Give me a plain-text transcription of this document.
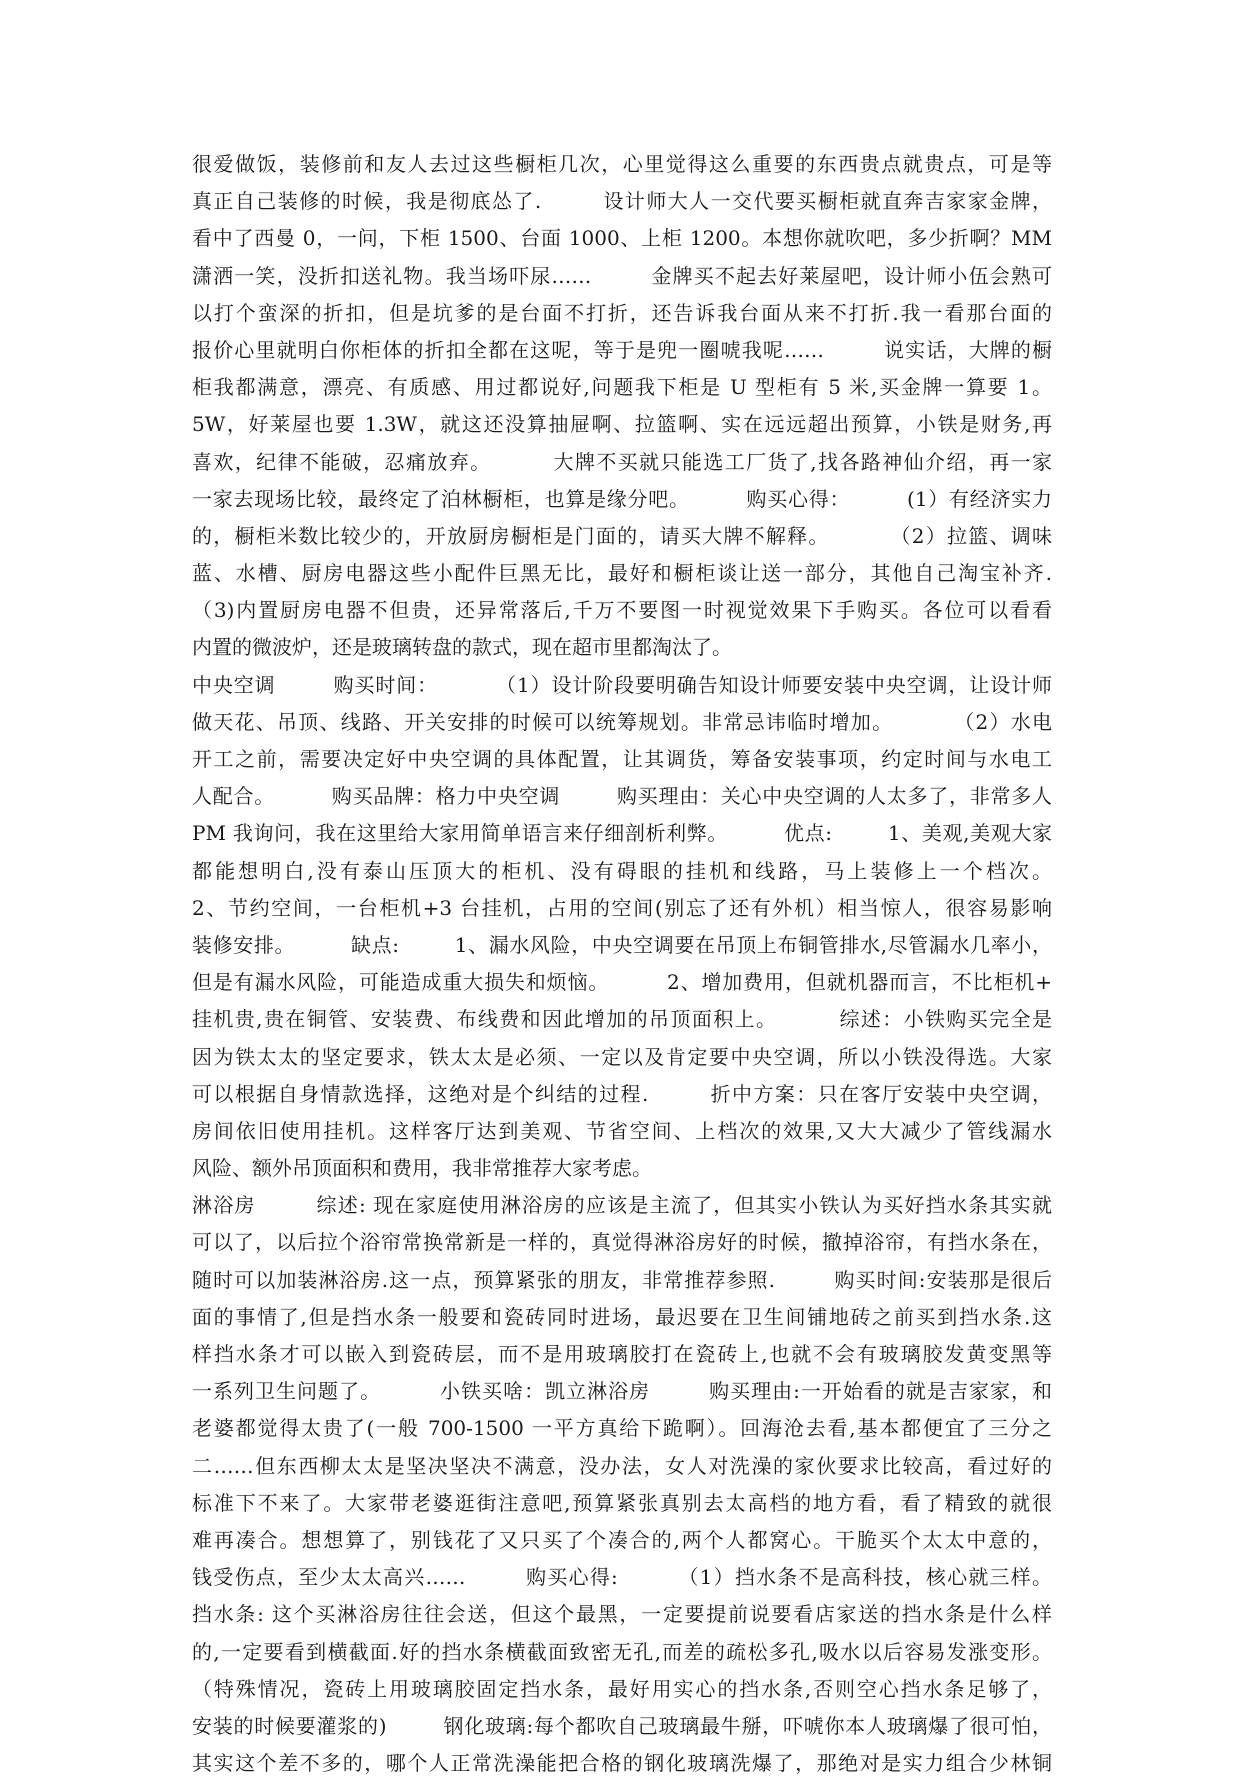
很爱做饭，装修前和友人去过这些橱柜几次，心里觉得这么重要的东西贵点就贵点，可是等
真正自己装修的时候，我是彻底怂了.        设计师大人一交代要买橱柜就直奔吉家家金牌，
看中了西曼 0，一问，下柜 1500、台面 1000、上柜 1200。本想你就吹吧，多少折啊？MM
潇洒一笑，没折扣送礼物。我当场吓尿……        金牌买不起去好莱屋吧，设计师小伍会熟可
以打个蛮深的折扣，但是坑爹的是台面不打折，还告诉我台面从来不打折.我一看那台面的
报价心里就明白你柜体的折扣全都在这呢，等于是兜一圈唬我呢……        说实话，大牌的橱
柜我都满意，漂亮、有质感、用过都说好,问题我下柜是 U 型柜有 5 米,买金牌一算要 1。
5W，好莱屋也要 1.3W，就这还没算抽屉啊、拉篮啊、实在远远超出预算，小铁是财务,再
喜欢，纪律不能破，忍痛放弃。        大牌不买就只能选工厂货了,找各路神仙介绍，再一家
一家去现场比较，最终定了泊林橱柜，也算是缘分吧。        购买心得：        (1）有经济实力
的，橱柜米数比较少的，开放厨房橱柜是门面的，请买大牌不解释。        （2）拉篮、调味
蓝、水槽、厨房电器这些小配件巨黑无比，最好和橱柜谈让送一部分，其他自己淘宝补齐.
（3)内置厨房电器不但贵，还异常落后,千万不要图一时视觉效果下手购买。各位可以看看
内置的微波炉，还是玻璃转盘的款式，现在超市里都淘汰了。
中央空调        购买时间：        （1）设计阶段要明确告知设计师要安装中央空调，让设计师
做天花、吊顶、线路、开关安排的时候可以统筹规划。非常忌讳临时增加。        （2）水电
开工之前，需要决定好中央空调的具体配置，让其调货，筹备安装事项，约定时间与水电工
人配合。        购买品牌：格力中央空调        购买理由：关心中央空调的人太多了，非常多人
PM 我询问，我在这里给大家用简单语言来仔细剖析利弊。        优点:        1、美观,美观大家
都能想明白,没有泰山压顶大的柜机、没有碍眼的挂机和线路，马上装修上一个档次。
2、节约空间，一台柜机+3 台挂机，占用的空间(别忘了还有外机）相当惊人，很容易影响
装修安排。        缺点:        1、漏水风险，中央空调要在吊顶上布铜管排水,尽管漏水几率小，
但是有漏水风险，可能造成重大损失和烦恼。        2、增加费用，但就机器而言，不比柜机+
挂机贵,贵在铜管、安装费、布线费和因此增加的吊顶面积上。        综述：小铁购买完全是
因为铁太太的坚定要求，铁太太是必须、一定以及肯定要中央空调，所以小铁没得选。大家
可以根据自身情款选择，这绝对是个纠结的过程.        折中方案：只在客厅安装中央空调，
房间依旧使用挂机。这样客厅达到美观、节省空间、上档次的效果,又大大减少了管线漏水
风险、额外吊顶面积和费用，我非常推荐大家考虑。
淋浴房        综述: 现在家庭使用淋浴房的应该是主流了，但其实小铁认为买好挡水条其实就
可以了，以后拉个浴帘常换常新是一样的，真觉得淋浴房好的时候，撤掉浴帘，有挡水条在，
随时可以加装淋浴房.这一点，预算紧张的朋友，非常推荐参照.        购买时间:安装那是很后
面的事情了,但是挡水条一般要和瓷砖同时进场，最迟要在卫生间铺地砖之前买到挡水条.这
样挡水条才可以嵌入到瓷砖层，而不是用玻璃胶打在瓷砖上,也就不会有玻璃胶发黄变黑等
一系列卫生问题了。        小铁买啥：凯立淋浴房        购买理由:一开始看的就是吉家家，和
老婆都觉得太贵了(一般 700-1500 一平方真给下跪啊）。回海沧去看,基本都便宜了三分之
二……但东西柳太太是坚决坚决不满意，没办法，女人对洗澡的家伙要求比较高，看过好的
标准下不来了。大家带老婆逛街注意吧,预算紧张真别去太高档的地方看，看了精致的就很
难再凑合。想想算了，别钱花了又只买了个凑合的,两个人都窝心。干脆买个太太中意的，
钱受伤点，至少太太高兴……        购买心得:        （1）挡水条不是高科技，核心就三样。
挡水条: 这个买淋浴房往往会送，但这个最黑，一定要提前说要看店家送的挡水条是什么样
的,一定要看到横截面.好的挡水条横截面致密无孔,而差的疏松多孔,吸水以后容易发涨变形。
（特殊情况，瓷砖上用玻璃胶固定挡水条，最好用实心的挡水条,否则空心挡水条足够了，
安装的时候要灌浆的)        钢化玻璃:每个都吹自己玻璃最牛掰，吓唬你本人玻璃爆了很可怕，
其实这个差不多的，哪个人正常洗澡能把合格的钢化玻璃洗爆了，那绝对是实力组合少林铜
